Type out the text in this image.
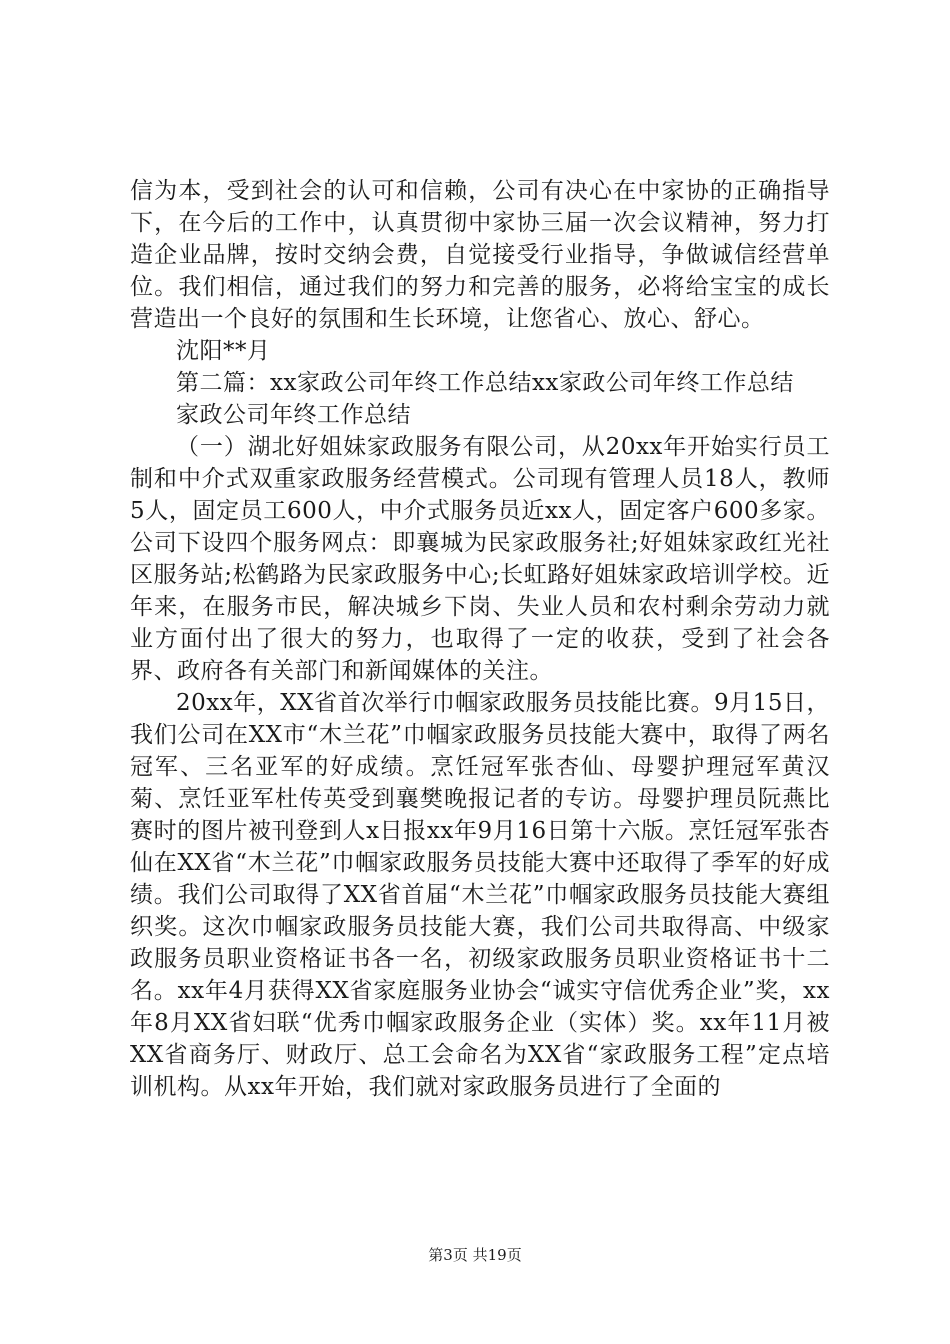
信为本，受到社会的认可和信赖，公司有决心在中家协的正确指导下，在今后的工作中，认真贯彻中家协三届一次会议精神，努力打造企业品牌，按时交纳会费，自觉接受行业指导，争做诚信经营单位。我们相信，通过我们的努力和完善的服务，必将给宝宝的成长营造出一个良好的氛围和生长环境，让您省心、放心、舒心。

沈阳**月

第二篇：xx家政公司年终工作总结xx家政公司年终工作总结

家政公司年终工作总结

（一）湖北好姐妹家政服务有限公司，从20xx年开始实行员工制和中介式双重家政服务经营模式。公司现有管理人员18人，教师5人，固定员工600人，中介式服务员近xx人，固定客户600多家。公司下设四个服务网点：即襄城为民家政服务社;好姐妹家政红光社区服务站;松鹤路为民家政服务中心;长虹路好姐妹家政培训学校。近年来，在服务市民，解决城乡下岗、失业人员和农村剩余劳动力就业方面付出了很大的努力，也取得了一定的收获，受到了社会各界、政府各有关部门和新闻媒体的关注。

20xx年，XX省首次举行巾帼家政服务员技能比赛。9月15日，我们公司在XX市“木兰花”巾帼家政服务员技能大赛中，取得了两名冠军、三名亚军的好成绩。烹饪冠军张杏仙、母婴护理冠军黄汉菊、烹饪亚军杜传英受到襄樊晚报记者的专访。母婴护理员阮燕比赛时的图片被刊登到人x日报xx年9月16日第十六版。烹饪冠军张杏仙在XX省“木兰花”巾帼家政服务员技能大赛中还取得了季军的好成绩。我们公司取得了XX省首届“木兰花”巾帼家政服务员技能大赛组织奖。这次巾帼家政服务员技能大赛，我们公司共取得高、中级家政服务员职业资格证书各一名，初级家政服务员职业资格证书十二名。xx年4月获得XX省家庭服务业协会“诚实守信优秀企业”奖，xx年8月XX省妇联“优秀巾帼家政服务企业（实体）奖。xx年11月被XX省商务厅、财政厅、总工会命名为XX省“家政服务工程”定点培训机构。从xx年开始，我们就对家政服务员进行了全面的

第3页 共19页
